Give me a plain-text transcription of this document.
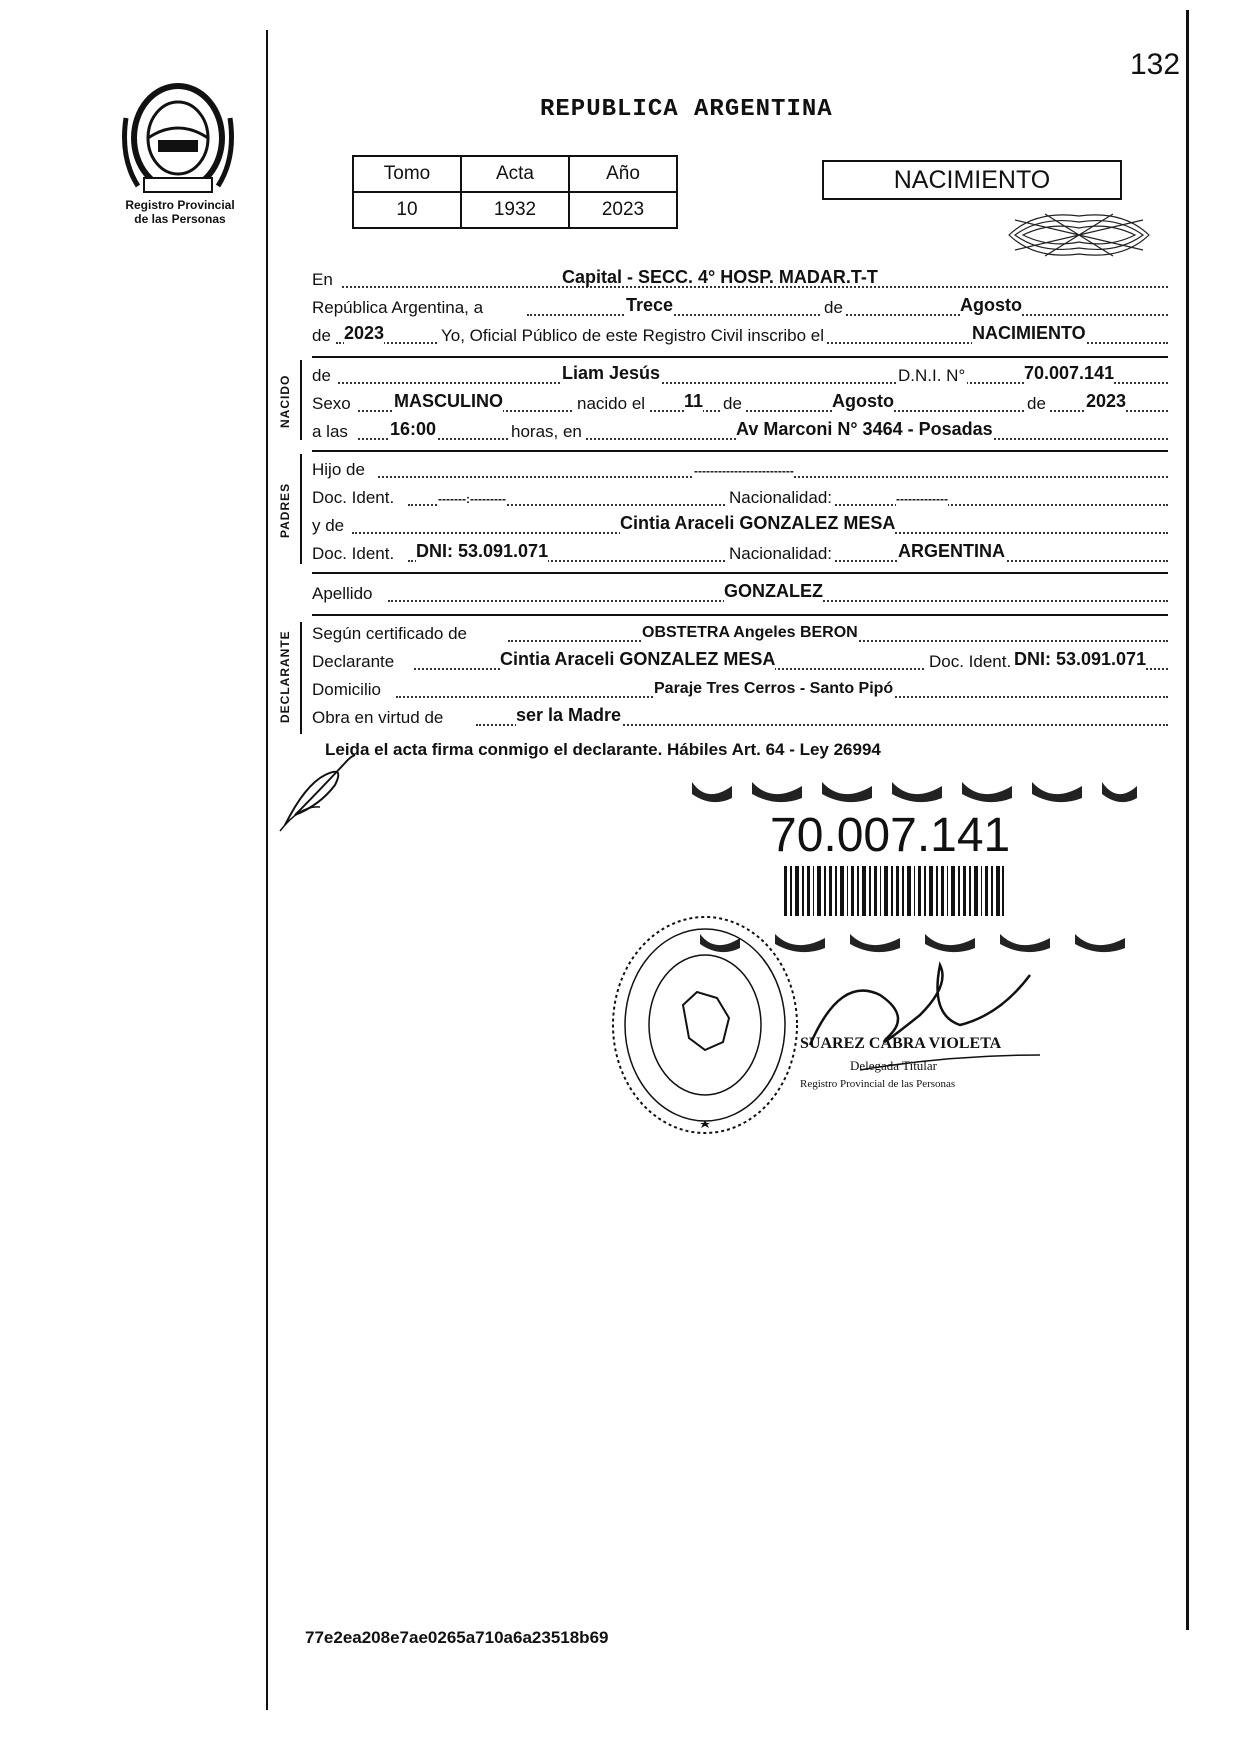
132
Registro Provincial
de las Personas
REPUBLICA ARGENTINA
Tomo	Acta	Año
10	1932	2023
NACIMIENTO
En	Capital - SECC. 4° HOSP. MADAR.T-T
República Argentina, a	Trece	de	Agosto
de 2023	Yo, Oficial Público de este Registro Civil inscribo el	NACIMIENTO
NACIDO	de	Liam Jesús	D.N.I. N°	70.007.141
Sexo MASCULINO	nacido el 11 de	Agosto	de 2023
a las 16:00	horas, en	Av Marconi N° 3464 - Posadas
PADRES
Hijo de	-------------------------
Doc. Ident.	-------:---------	Nacionalidad:	-------------
y de	Cintia Araceli GONZALEZ MESA
Doc. Ident. DNI: 53.091.071	Nacionalidad:	ARGENTINA
Apellido	GONZALEZ
DECLARANTE	Según certificado de	OBSTETRA Angeles BERON
Declarante	Cintia Araceli GONZALEZ MESA	Doc. Ident. DNI: 53.091.071
Domicilio	Paraje Tres Cerros - Santo Pipó
Obra en virtud de	ser la Madre
Leida el acta firma conmigo el declarante. Hábiles Art. 64 - Ley 26994
70.007.141
SUAREZ CABRA VIOLETA
Delegada Titular
Registro Provincial de las Personas
77e2ea208e7ae0265a710a6a23518b69
